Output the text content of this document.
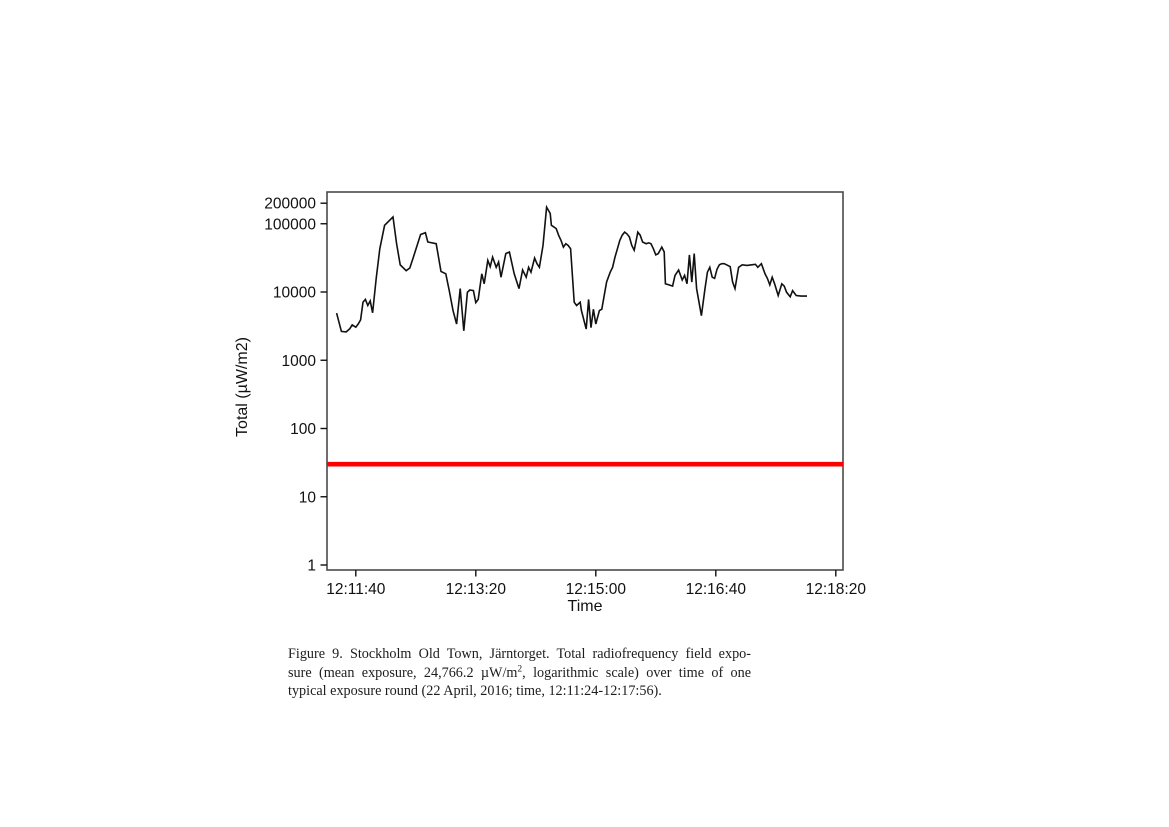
1
10
100
1000
10000
100000
200000
12:11:40	12:13:20	12:15:00	12:16:40	12:18:20
Time
Total (µW/m2)
Figure 9. Stockholm Old Town, Järntorget. Total radiofrequency field expo-
sure (mean exposure, 24,766.2 $\mu W/m^2$, logarithmic scale) over time of one
typical exposure round (22 April, 2016; time, 12:11:24-12:17:56).
